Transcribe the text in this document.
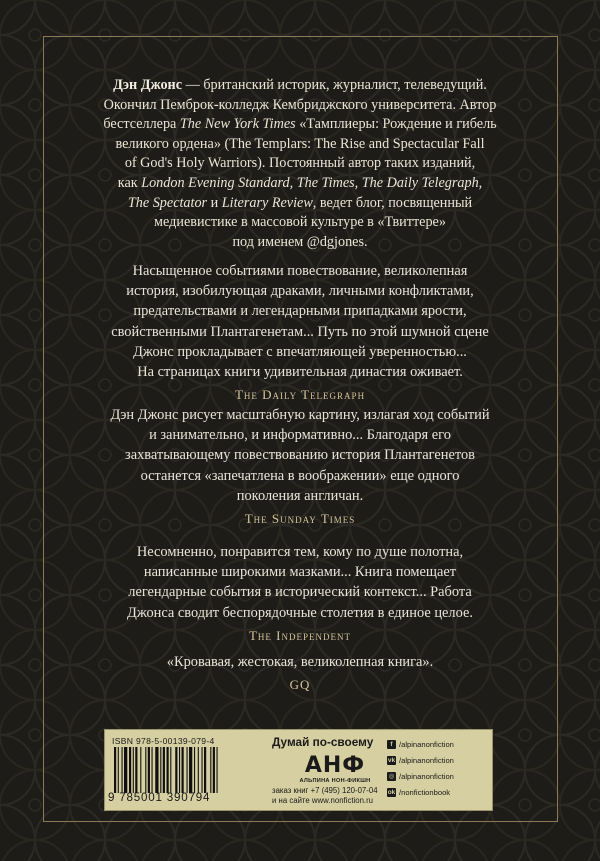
Дэн Джонс — британский историк, журналист, телеведущий.
Окончил Пемброк-колледж Кембриджского университета. Автор
бестселлера The New York Times «Тамплиеры: Рождение и гибель
великого ордена» (The Templars: The Rise and Spectacular Fall
of God's Holy Warriors). Постоянный автор таких изданий,
как London Evening Standard, The Times, The Daily Telegraph,
The Spectator и Literary Review, ведет блог, посвященный
медиевистике в массовой культуре в «Твиттере»
под именем @dgjones.
Насыщенное событиями повествование, великолепная
история, изобилующая драками, личными конфликтами,
предательствами и легендарными припадками ярости,
свойственными Плантагенетам... Путь по этой шумной сцене
Джонс прокладывает с впечатляющей уверенностью...
На страницах книги удивительная династия оживает.
The Daily Telegraph
Дэн Джонс рисует масштабную картину, излагая ход событий
и занимательно, и информативно... Благодаря его
захватывающему повествованию история Плантагенетов
останется «запечатлена в воображении» еще одного
поколения англичан.
The Sunday Times
Несомненно, понравится тем, кому по душе полотна,
написанные широкими мазками... Книга помещает
легендарные события в исторический контекст... Работа
Джонса сводит беспорядочные столетия в единое целое.
The Independent
«Кровавая, жестокая, великолепная книга».
GQ
ISBN 978-5-00139-079-4
9 785001 390794
Думай по-своему
АНФ
АЛЬПИНА НОН-ФИКШН
заказ книг +7 (495) 120-07-04
и на сайте www.nonfiction.ru
f /alpinanonfiction
vk /alpinanonfiction
◎ /alpinanonfiction
ok /nonfictionbook
